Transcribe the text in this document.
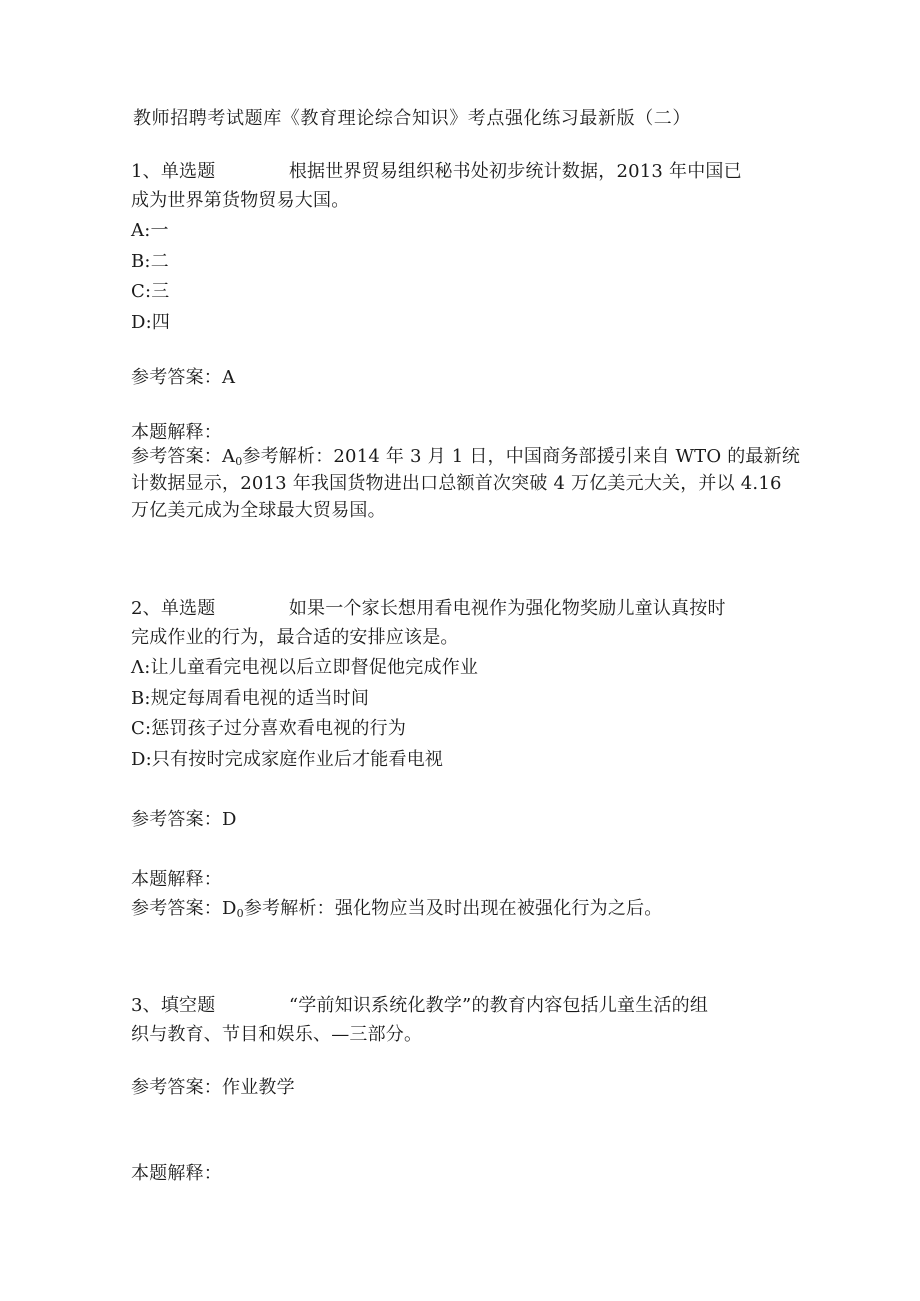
教师招聘考试题库《教育理论综合知识》考点强化练习最新版（二）
1、单选题	根据世界贸易组织秘书处初步统计数据，2013 年中国已
成为世界第货物贸易大国。
A:一
B:二
C:三
D:四
参考答案：A
本题解释：
参考答案：$A_0$参考解析：2014 年 3 月 1 日，中国商务部援引来自 WTO 的最新统
计数据显示，2013 年我国货物进出口总额首次突破 4 万亿美元大关，并以 4.16
万亿美元成为全球最大贸易国。
2、单选题	如果一个家长想用看电视作为强化物奖励儿童认真按时
完成作业的行为，最合适的安排应该是。
Λ:让儿童看完电视以后立即督促他完成作业
B:规定每周看电视的适当时间
C:惩罚孩子过分喜欢看电视的行为
D:只有按时完成家庭作业后才能看电视
参考答案：D
本题解释：
参考答案：$D_0$参考解析：强化物应当及时出现在被强化行为之后。
3、填空题	“学前知识系统化教学”的教育内容包括儿童生活的组
织与教育、节目和娱乐、—三部分。
参考答案：作业教学
本题解释：
